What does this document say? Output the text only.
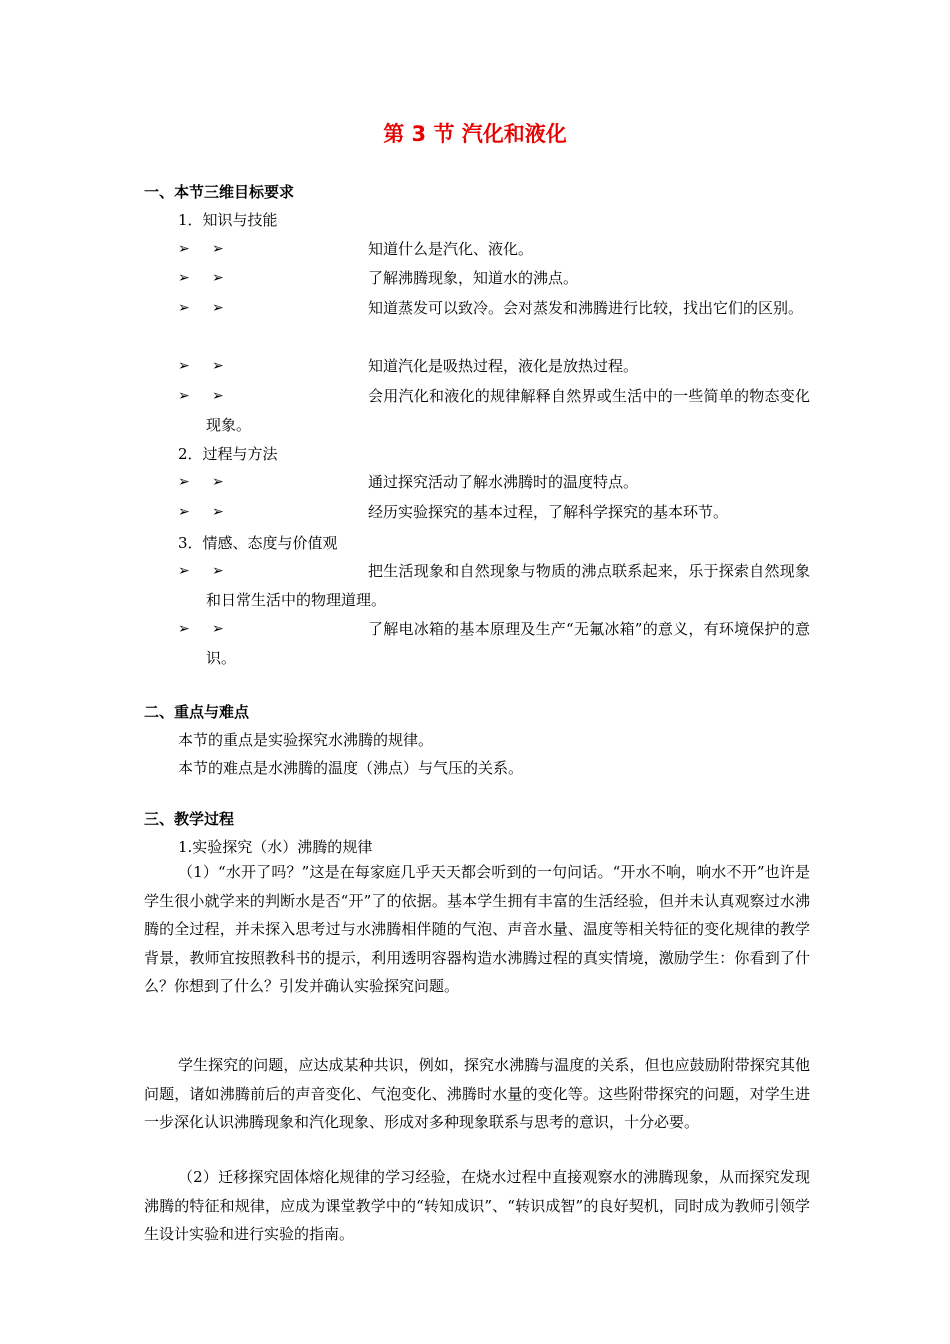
第 3 节 汽化和液化
一、本节三维目标要求
1．知识与技能
➢ ➢	知道什么是汽化、液化。
➢ ➢	了解沸腾现象，知道水的沸点。
➢ ➢	知道蒸发可以致冷。会对蒸发和沸腾进行比较，找出它们的区别。
➢ ➢	知道汽化是吸热过程，液化是放热过程。
➢ ➢	会用汽化和液化的规律解释自然界或生活中的一些简单的物态变化现象。
2．过程与方法
➢ ➢	通过探究活动了解水沸腾时的温度特点。
➢ ➢	经历实验探究的基本过程，了解科学探究的基本环节。
3．情感、态度与价值观
➢ ➢	把生活现象和自然现象与物质的沸点联系起来，乐于探索自然现象和日常生活中的物理道理。
➢ ➢	了解电冰箱的基本原理及生产“无氟冰箱”的意义，有环境保护的意识。
二、重点与难点
本节的重点是实验探究水沸腾的规律。
本节的难点是水沸腾的温度（沸点）与气压的关系。
三、教学过程
1.实验探究（水）沸腾的规律
（1）“水开了吗？”这是在每家庭几乎天天都会听到的一句问话。“开水不响，响水不开”也许是学生很小就学来的判断水是否“开”了的依据。基本学生拥有丰富的生活经验，但并未认真观察过水沸腾的全过程，并未探入思考过与水沸腾相伴随的气泡、声音水量、温度等相关特征的变化规律的教学背景，教师宜按照教科书的提示，利用透明容器构造水沸腾过程的真实情境，激励学生：你看到了什么？你想到了什么？引发并确认实验探究问题。
学生探究的问题，应达成某种共识，例如，探究水沸腾与温度的关系，但也应鼓励附带探究其他问题，诸如沸腾前后的声音变化、气泡变化、沸腾时水量的变化等。这些附带探究的问题，对学生进一步深化认识沸腾现象和汽化现象、形成对多种现象联系与思考的意识，十分必要。
（2）迁移探究固体熔化规律的学习经验，在烧水过程中直接观察水的沸腾现象，从而探究发现沸腾的特征和规律，应成为课堂教学中的“转知成识”、“转识成智”的良好契机，同时成为教师引领学生设计实验和进行实验的指南。
